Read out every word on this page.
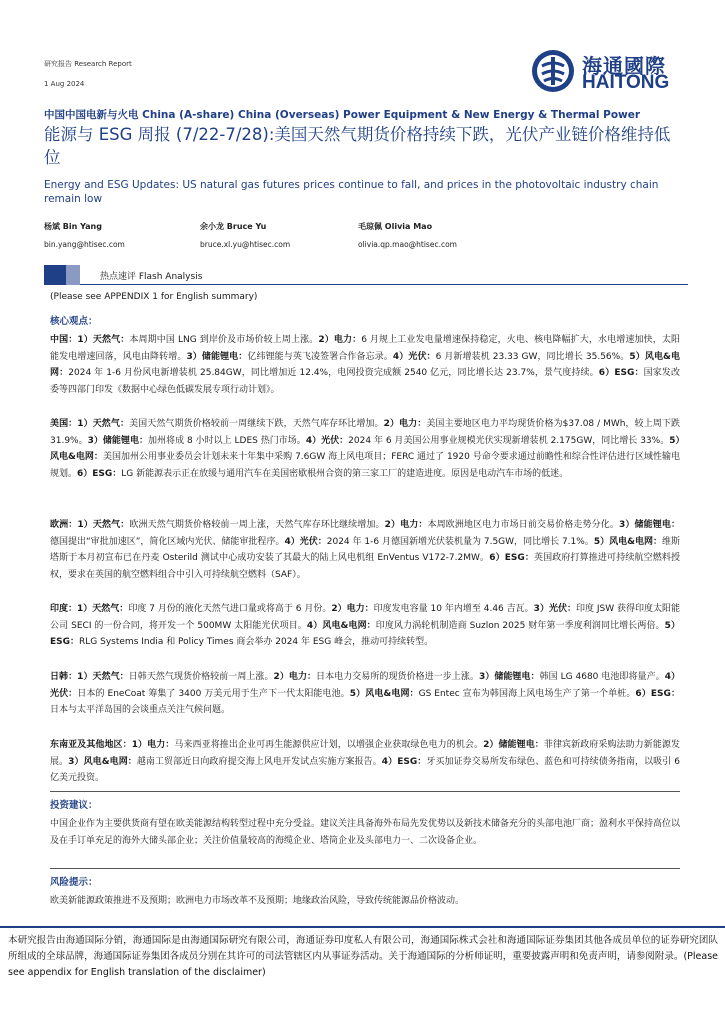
研究报告 Research Report
1 Aug 2024
海通國際
HAITONG
中国中国电新与火电 China (A-share) China (Overseas) Power Equipment & New Energy & Thermal Power
能源与 ESG 周报 (7/22-7/28):美国天然气期货价格持续下跌，光伏产业链价格维持低位
Energy and ESG Updates: US natural gas futures prices continue to fall, and prices in the photovoltaic industry chain remain low
杨斌 Bin Yang
bin.yang@htisec.com
余小龙 Bruce Yu
bruce.xl.yu@htisec.com
毛琼佩 Olivia Mao
olivia.qp.mao@htisec.com
热点速评 Flash Analysis
(Please see APPENDIX 1 for English summary)
核心观点：
中国：1）天然气：本周期中国 LNG 到岸价及市场价较上周上涨。2）电力：6 月规上工业发电量增速保持稳定，火电、核电降幅扩大，水电增速加快，太阳能发电增速回落，风电由降转增。3）储能锂电：亿纬锂能与英飞凌签署合作备忘录。4）光伏：6 月新增装机 23.33 GW，同比增长 35.56%。5）风电&电网：2024 年 1-6 月份风电新增装机 25.84GW，同比增加近 12.4%，电网投资完成额 2540 亿元，同比增长达 23.7%，景气度持续。6）ESG：国家发改委等四部门印发《数据中心绿色低碳发展专项行动计划》。
美国：1）天然气：美国天然气期货价格较前一周继续下跌，天然气库存环比增加。2）电力：美国主要地区电力平均现货价格为$37.08 / MWh，较上周下跌 31.9%。3）储能锂电：加州将成 8 小时以上 LDES 热门市场。4）光伏：2024 年 6 月美国公用事业规模光伏实现新增装机 2.175GW，同比增长 33%。5）风电&电网：美国加州公用事业委员会计划未来十年集中采购 7.6GW 海上风电项目；FERC 通过了 1920 号命令要求通过前瞻性和综合性评估进行区域性输电规划。6）ESG：LG 新能源表示正在放缓与通用汽车在美国密歇根州合资的第三家工厂的建造进度。原因是电动汽车市场的低迷。
欧洲：1）天然气：欧洲天然气期货价格较前一周上涨，天然气库存环比继续增加。2）电力：本周欧洲地区电力市场日前交易价格走势分化。3）储能锂电：德国提出“审批加速区”，简化区域内光伏、储能审批程序。4）光伏：2024 年 1-6 月德国新增光伏装机量为 7.5GW，同比增长 7.1%。5）风电&电网：维斯塔斯于本月初宣布已在丹麦 Osterild 测试中心成功安装了其最大的陆上风电机组 EnVentus V172-7.2MW。6）ESG：英国政府打算推进可持续航空燃料授权，要求在英国的航空燃料组合中引入可持续航空燃料（SAF）。
印度：1）天然气：印度 7 月份的液化天然气进口量或将高于 6 月份。2）电力：印度发电容量 10 年内增至 4.46 吉瓦。3）光伏：印度 JSW 获得印度太阳能公司 SECI 的一份合同，将开发一个 500MW 太阳能光伏项目。4）风电&电网：印度风力涡轮机制造商 Suzlon 2025 财年第一季度利润同比增长两倍。5）ESG：RLG Systems India 和 Policy Times 商会举办 2024 年 ESG 峰会，推动可持续转型。
日韩：1）天然气：日韩天然气现货价格较前一周上涨。2）电力：日本电力交易所的现货价格进一步上涨。3）储能锂电：韩国 LG 4680 电池即将量产。4）光伏：日本的 EneCoat 筹集了 3400 万美元用于生产下一代太阳能电池。5）风电&电网：GS Entec 宣布为韩国海上风电场生产了第一个单桩。6）ESG：日本与太平洋岛国的会谈重点关注气候问题。
东南亚及其他地区：1）电力：马来西亚将推出企业可再生能源供应计划，以增强企业获取绿色电力的机会。2）储能锂电：菲律宾新政府采购法助力新能源发展。3）风电&电网：越南工贸部近日向政府提交海上风电开发试点实施方案报告。4）ESG：牙买加证券交易所发布绿色、蓝色和可持续债务指南，以吸引 6 亿美元投资。
投资建议：
中国企业作为主要供货商有望在欧美能源结构转型过程中充分受益。建议关注具备海外布局先发优势以及新技术储备充分的头部电池厂商；盈利水平保持高位以及在手订单充足的海外大储头部企业；关注价值量较高的海缆企业、塔筒企业及头部电力一、二次设备企业。
风险提示：
欧美新能源政策推进不及预期；欧洲电力市场改革不及预期；地缘政治风险，导致传统能源品价格波动。
本研究报告由海通国际分销，海通国际是由海通国际研究有限公司，海通证券印度私人有限公司，海通国际株式会社和海通国际证券集团其他各成员单位的证券研究团队所组成的全球品牌，海通国际证券集团各成员分别在其许可的司法管辖区内从事证券活动。关于海通国际的分析师证明，重要披露声明和免责声明，请参阅附录。(Please see appendix for English translation of the disclaimer)
